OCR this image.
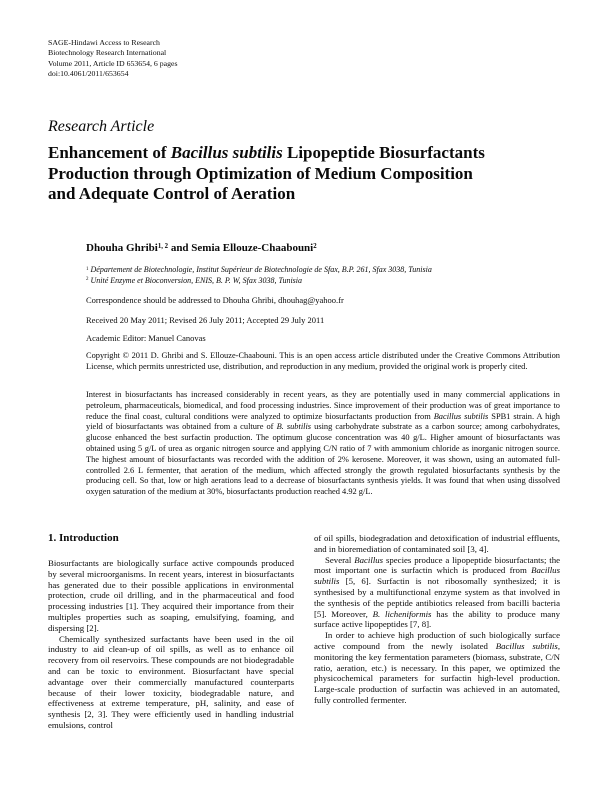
SAGE-Hindawi Access to Research
Biotechnology Research International
Volume 2011, Article ID 653654, 6 pages
doi:10.4061/2011/653654
Research Article
Enhancement of Bacillus subtilis Lipopeptide Biosurfactants Production through Optimization of Medium Composition and Adequate Control of Aeration
Dhouha Ghribi$^{1, 2}$ and Semia Ellouze-Chaabouni$^2$
$^1$ Département de Biotechnologie, Institut Supérieur de Biotechnologie de Sfax, B.P. 261, Sfax 3038, Tunisia
$^2$ Unité Enzyme et Bioconversion, ENIS, B. P. W, Sfax 3038, Tunisia
Correspondence should be addressed to Dhouha Ghribi, dhouhag@yahoo.fr
Received 20 May 2011; Revised 26 July 2011; Accepted 29 July 2011
Academic Editor: Manuel Canovas
Copyright © 2011 D. Ghribi and S. Ellouze-Chaabouni. This is an open access article distributed under the Creative Commons Attribution License, which permits unrestricted use, distribution, and reproduction in any medium, provided the original work is properly cited.
Interest in biosurfactants has increased considerably in recent years, as they are potentially used in many commercial applications in petroleum, pharmaceuticals, biomedical, and food processing industries. Since improvement of their production was of great importance to reduce the final coast, cultural conditions were analyzed to optimize biosurfactants production from Bacillus subtilis SPB1 strain. A high yield of biosurfactants was obtained from a culture of B. subtilis using carbohydrate substrate as a carbon source; among carbohydrates, glucose enhanced the best surfactin production. The optimum glucose concentration was 40 g/L. Higher amount of biosurfactants was obtained using 5 g/L of urea as organic nitrogen source and applying C/N ratio of 7 with ammonium chloride as inorganic nitrogen source. The highest amount of biosurfactants was recorded with the addition of 2% kerosene. Moreover, it was shown, using an automated full-controlled 2.6 L fermenter, that aeration of the medium, which affected strongly the growth regulated biosurfactants synthesis by the producing cell. So that, low or high aerations lead to a decrease of biosurfactants synthesis yields. It was found that when using dissolved oxygen saturation of the medium at 30%, biosurfactants production reached 4.92 g/L.
1. Introduction

Biosurfactants are biologically surface active compounds produced by several microorganisms. In recent years, interest in biosurfactants has generated due to their possible applications in environmental protection, crude oil drilling, and in the pharmaceutical and food processing industries [1]. They acquired their importance from their multiples properties such as soaping, emulsifying, foaming, and dispersing [2].

Chemically synthesized surfactants have been used in the oil industry to aid clean-up of oil spills, as well as to enhance oil recovery from oil reservoirs. These compounds are not biodegradable and can be toxic to environment. Biosurfactant have special advantage over their commercially manufactured counterparts because of their lower toxicity, biodegradable nature, and effectiveness at extreme temperature, pH, salinity, and ease of synthesis [2, 3]. They were efficiently used in handling industrial emulsions, control

of oil spills, biodegradation and detoxification of industrial effluents, and in bioremediation of contaminated soil [3, 4].

Several Bacillus species produce a lipopeptide biosurfactants; the most important one is surfactin which is produced from Bacillus subtilis [5, 6]. Surfactin is not ribosomally synthesized; it is synthesised by a multifunctional enzyme system as that involved in the synthesis of the peptide antibiotics released from bacilli bacteria [5]. Moreover, B. licheniformis has the ability to produce many surface active lipopeptides [7, 8].

In order to achieve high production of such biologically surface active compound from the newly isolated Bacillus subtilis, monitoring the key fermentation parameters (biomass, substrate, C/N ratio, aeration, etc.) is necessary. In this paper, we optimized the physicochemical parameters for surfactin high-level production. Large-scale production of surfactin was achieved in an automated, fully controlled fermenter.
